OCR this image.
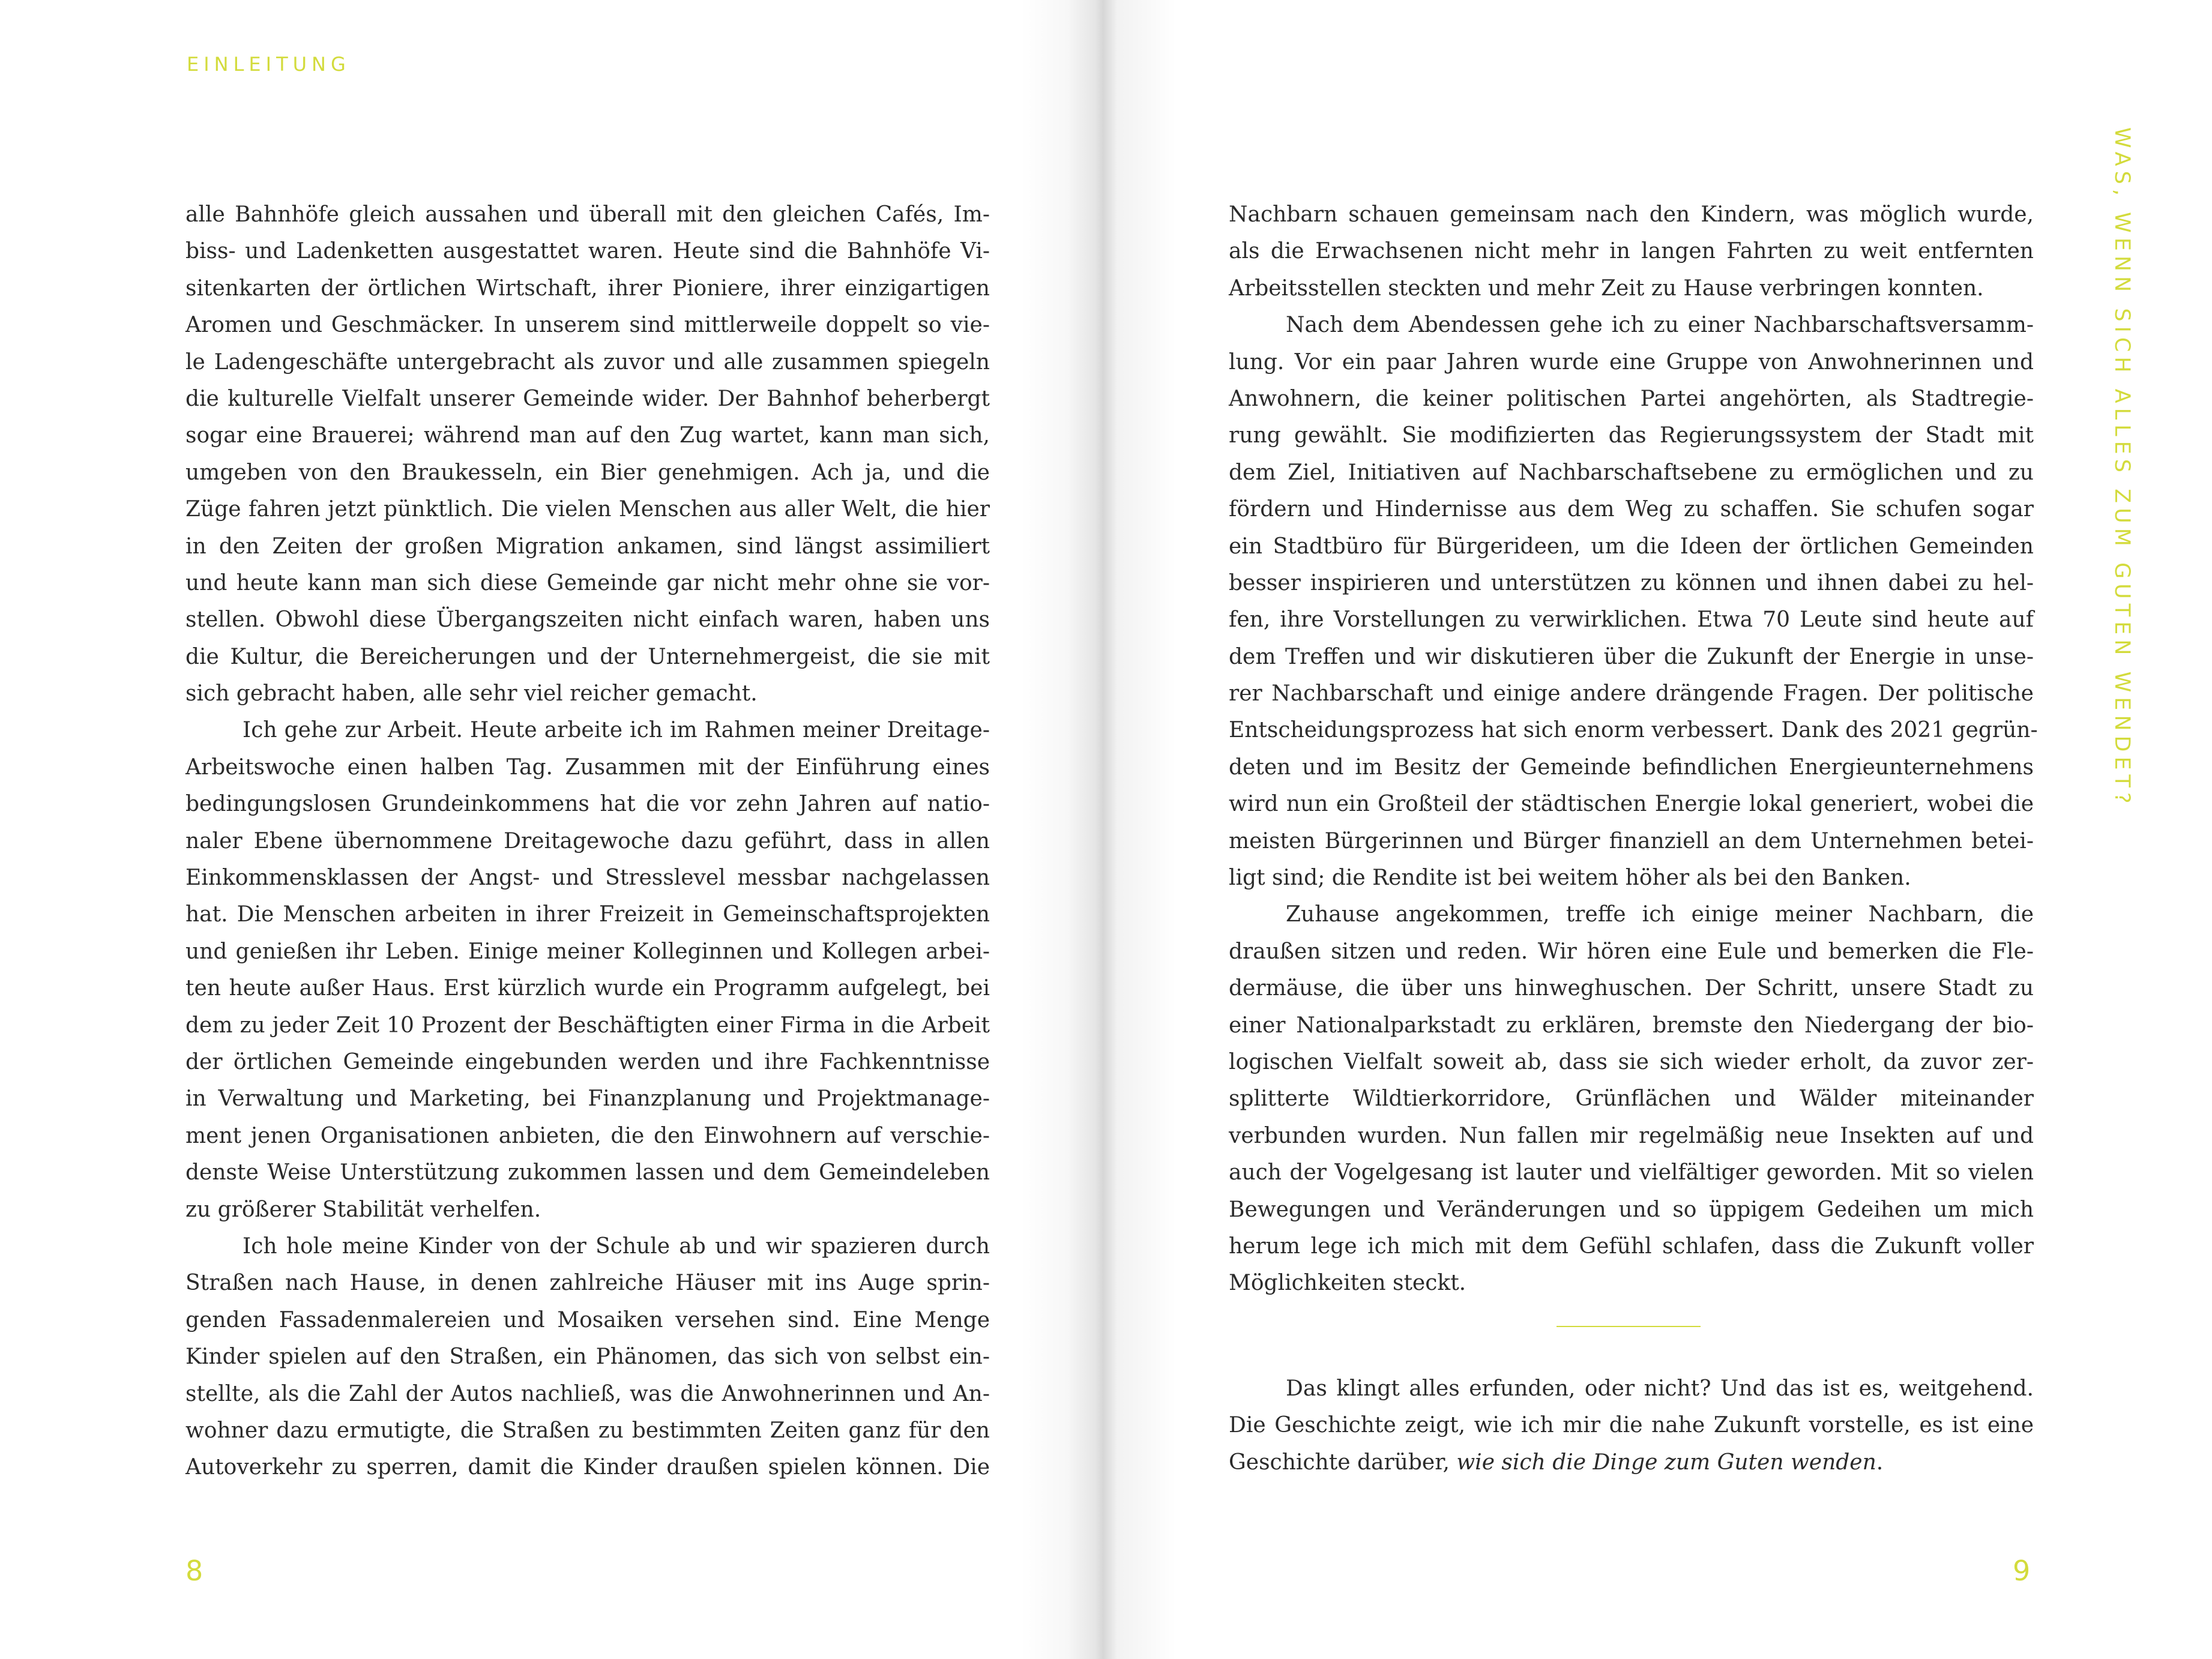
EINLEITUNG
alle Bahnhöfe gleich aussahen und überall mit den gleichen Cafés, Im-
biss- und Ladenketten ausgestattet waren. Heute sind die Bahnhöfe Vi-
sitenkarten der örtlichen Wirtschaft, ihrer Pioniere, ihrer einzigartigen
Aromen und Geschmäcker. In unserem sind mittlerweile doppelt so vie-
le Ladengeschäfte untergebracht als zuvor und alle zusammen spiegeln
die kulturelle Vielfalt unserer Gemeinde wider. Der Bahnhof beherbergt
sogar eine Brauerei; während man auf den Zug wartet, kann man sich,
umgeben von den Braukesseln, ein Bier genehmigen. Ach ja, und die
Züge fahren jetzt pünktlich. Die vielen Menschen aus aller Welt, die hier
in den Zeiten der großen Migration ankamen, sind längst assimiliert
und heute kann man sich diese Gemeinde gar nicht mehr ohne sie vor-
stellen. Obwohl diese Übergangszeiten nicht einfach waren, haben uns
die Kultur, die Bereicherungen und der Unternehmergeist, die sie mit
sich gebracht haben, alle sehr viel reicher gemacht.
Ich gehe zur Arbeit. Heute arbeite ich im Rahmen meiner Dreitage-
Arbeitswoche einen halben Tag. Zusammen mit der Einführung eines
bedingungslosen Grundeinkommens hat die vor zehn Jahren auf natio-
naler Ebene übernommene Dreitagewoche dazu geführt, dass in allen
Einkommensklassen der Angst- und Stresslevel messbar nachgelassen
hat. Die Menschen arbeiten in ihrer Freizeit in Gemeinschaftsprojekten
und genießen ihr Leben. Einige meiner Kolleginnen und Kollegen arbei-
ten heute außer Haus. Erst kürzlich wurde ein Programm aufgelegt, bei
dem zu jeder Zeit 10 Prozent der Beschäftigten einer Firma in die Arbeit
der örtlichen Gemeinde eingebunden werden und ihre Fachkenntnisse
in Verwaltung und Marketing, bei Finanzplanung und Projektmanage-
ment jenen Organisationen anbieten, die den Einwohnern auf verschie-
denste Weise Unterstützung zukommen lassen und dem Gemeindeleben
zu größerer Stabilität verhelfen.
Ich hole meine Kinder von der Schule ab und wir spazieren durch
Straßen nach Hause, in denen zahlreiche Häuser mit ins Auge sprin-
genden Fassadenmalereien und Mosaiken versehen sind. Eine Menge
Kinder spielen auf den Straßen, ein Phänomen, das sich von selbst ein-
stellte, als die Zahl der Autos nachließ, was die Anwohnerinnen und An-
wohner dazu ermutigte, die Straßen zu bestimmten Zeiten ganz für den
Autoverkehr zu sperren, damit die Kinder draußen spielen können. Die
8
WAS, WENN SICH ALLES ZUM GUTEN WENDET?
Nachbarn schauen gemeinsam nach den Kindern, was möglich wurde,
als die Erwachsenen nicht mehr in langen Fahrten zu weit entfernten
Arbeitsstellen steckten und mehr Zeit zu Hause verbringen konnten.
Nach dem Abendessen gehe ich zu einer Nachbarschaftsversamm-
lung. Vor ein paar Jahren wurde eine Gruppe von Anwohnerinnen und
Anwohnern, die keiner politischen Partei angehörten, als Stadtregie-
rung gewählt. Sie modifizierten das Regierungssystem der Stadt mit
dem Ziel, Initiativen auf Nachbarschaftsebene zu ermöglichen und zu
fördern und Hindernisse aus dem Weg zu schaffen. Sie schufen sogar
ein Stadtbüro für Bürgerideen, um die Ideen der örtlichen Gemeinden
besser inspirieren und unterstützen zu können und ihnen dabei zu hel-
fen, ihre Vorstellungen zu verwirklichen. Etwa 70 Leute sind heute auf
dem Treffen und wir diskutieren über die Zukunft der Energie in unse-
rer Nachbarschaft und einige andere drängende Fragen. Der politische
Entscheidungsprozess hat sich enorm verbessert. Dank des 2021 gegrün-
deten und im Besitz der Gemeinde befindlichen Energieunternehmens
wird nun ein Großteil der städtischen Energie lokal generiert, wobei die
meisten Bürgerinnen und Bürger finanziell an dem Unternehmen betei-
ligt sind; die Rendite ist bei weitem höher als bei den Banken.
Zuhause angekommen, treffe ich einige meiner Nachbarn, die
draußen sitzen und reden. Wir hören eine Eule und bemerken die Fle-
dermäuse, die über uns hinweghuschen. Der Schritt, unsere Stadt zu
einer Nationalparkstadt zu erklären, bremste den Niedergang der bio-
logischen Vielfalt soweit ab, dass sie sich wieder erholt, da zuvor zer-
splitterte Wildtierkorridore, Grünflächen und Wälder miteinander
verbunden wurden. Nun fallen mir regelmäßig neue Insekten auf und
auch der Vogelgesang ist lauter und vielfältiger geworden. Mit so vielen
Bewegungen und Veränderungen und so üppigem Gedeihen um mich
herum lege ich mich mit dem Gefühl schlafen, dass die Zukunft voller
Möglichkeiten steckt.
Das klingt alles erfunden, oder nicht? Und das ist es, weitgehend.
Die Geschichte zeigt, wie ich mir die nahe Zukunft vorstelle, es ist eine
Geschichte darüber, wie sich die Dinge zum Guten wenden.
9
